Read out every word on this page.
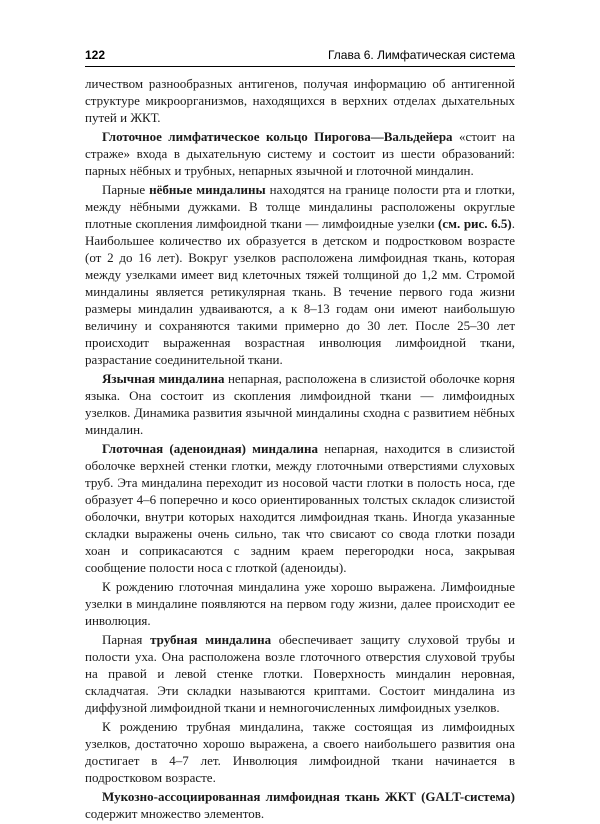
122	Глава 6. Лимфатическая система

личеством разнообразных антигенов, получая информацию об антигенной структуре микроорганизмов, находящихся в верхних отделах дыхательных путей и ЖКТ.

Глоточное лимфатическое кольцо Пирогова—Вальдейера «стоит на страже» входа в дыхательную систему и состоит из шести образований: парных нёбных и трубных, непарных язычной и глоточной миндалин.

Парные нёбные миндалины находятся на границе полости рта и глотки, между нёбными дужками. В толще миндалины расположены округлые плотные скопления лимфоидной ткани — лимфоидные узелки (см. рис. 6.5). Наибольшее количество их образуется в детском и подростковом возрасте (от 2 до 16 лет). Вокруг узелков расположена лимфоидная ткань, которая между узелками имеет вид клеточных тяжей толщиной до 1,2 мм. Стромой миндалины является ретикулярная ткань. В течение первого года жизни размеры миндалин удваиваются, а к 8–13 годам они имеют наибольшую величину и сохраняются такими примерно до 30 лет. После 25–30 лет происходит выраженная возрастная инволюция лимфоидной ткани, разрастание соединительной ткани.

Язычная миндалина непарная, расположена в слизистой оболочке корня языка. Она состоит из скопления лимфоидной ткани — лимфоидных узелков. Динамика развития язычной миндалины сходна с развитием нёбных миндалин.

Глоточная (аденоидная) миндалина непарная, находится в слизистой оболочке верхней стенки глотки, между глоточными отверстиями слуховых труб. Эта миндалина переходит из носовой части глотки в полость носа, где образует 4–6 поперечно и косо ориентированных толстых складок слизистой оболочки, внутри которых находится лимфоидная ткань. Иногда указанные складки выражены очень сильно, так что свисают со свода глотки позади хоан и соприкасаются с задним краем перегородки носа, закрывая сообщение полости носа с глоткой (аденоиды).

К рождению глоточная миндалина уже хорошо выражена. Лимфоидные узелки в миндалине появляются на первом году жизни, далее происходит ее инволюция.

Парная трубная миндалина обеспечивает защиту слуховой трубы и полости уха. Она расположена возле глоточного отверстия слуховой трубы на правой и левой стенке глотки. Поверхность миндалин неровная, складчатая. Эти складки называются криптами. Состоит миндалина из диффузной лимфоидной ткани и немногочисленных лимфоидных узелков.

К рождению трубная миндалина, также состоящая из лимфоидных узелков, достаточно хорошо выражена, а своего наибольшего развития она достигает в 4–7 лет. Инволюция лимфоидной ткани начинается в подростковом возрасте.

Мукозно-ассоциированная лимфоидная ткань ЖКТ (GALT-система) содержит множество элементов.
